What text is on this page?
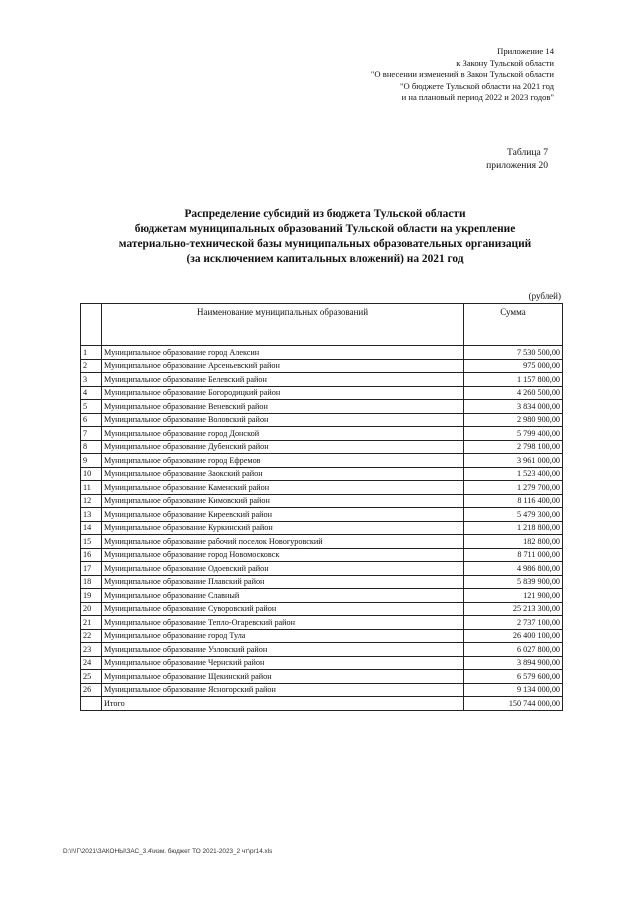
Приложение 14
к Закону Тульской области
"О внесении изменений в Закон Тульской области
"О бюджете Тульской области на 2021 год
и на плановый период 2022 и 2023 годов"
Таблица 7
приложения 20
Распределение субсидий из бюджета Тульской области
бюджетам муниципальных образований Тульской области на укрепление
материально-технической базы муниципальных образовательных организаций
(за исключением капитальных вложений) на 2021 год
(рублей)
	Наименование муниципальных образований	Сумма
1	Муниципальное образование город Алексин	7 530 500,00
2	Муниципальное образование Арсеньевский район	975 000,00
3	Муниципальное образование Белевский район	1 157 800,00
4	Муниципальное образование Богородицкий район	4 260 500,00
5	Муниципальное образование Веневский район	3 834 000,00
6	Муниципальное образование Воловский район	2 980 900,00
7	Муниципальное образование город Донской	5 799 400,00
8	Муниципальное образование Дубенский район	2 798 100,00
9	Муниципальное образование город Ефремов	3 961 000,00
10	Муниципальное образование Заокский район	1 523 400,00
11	Муниципальное образование Каменский район	1 279 700,00
12	Муниципальное образование Кимовский район	8 116 400,00
13	Муниципальное образование Киреевский район	5 479 300,00
14	Муниципальное образование Куркинский район	1 218 800,00
15	Муниципальное образование рабочий поселок Новогуровский	182 800,00
16	Муниципальное образование город Новомосковск	8 711 000,00
17	Муниципальное образование Одоевский район	4 986 800,00
18	Муниципальное образование Плавский район	5 839 900,00
19	Муниципальное образование Славный	121 900,00
20	Муниципальное образование Суворовский район	25 213 300,00
21	Муниципальное образование Теплο-Огаревский район	2 737 100,00
22	Муниципальное образование город Тула	26 400 100,00
23	Муниципальное образование Узловский район	6 027 800,00
24	Муниципальное образование Чернский район	3 894 900,00
25	Муниципальное образование Щекинский район	6 579 600,00
26	Муниципальное образование Ясногорский район	9 134 000,00
	Итого	150 744 000,00
D:\!\!Г\2021\ЗАКОНЫ\ЗАС_3.4\изм. бюджет ТО 2021-2023_2 чт\pr14.xls
